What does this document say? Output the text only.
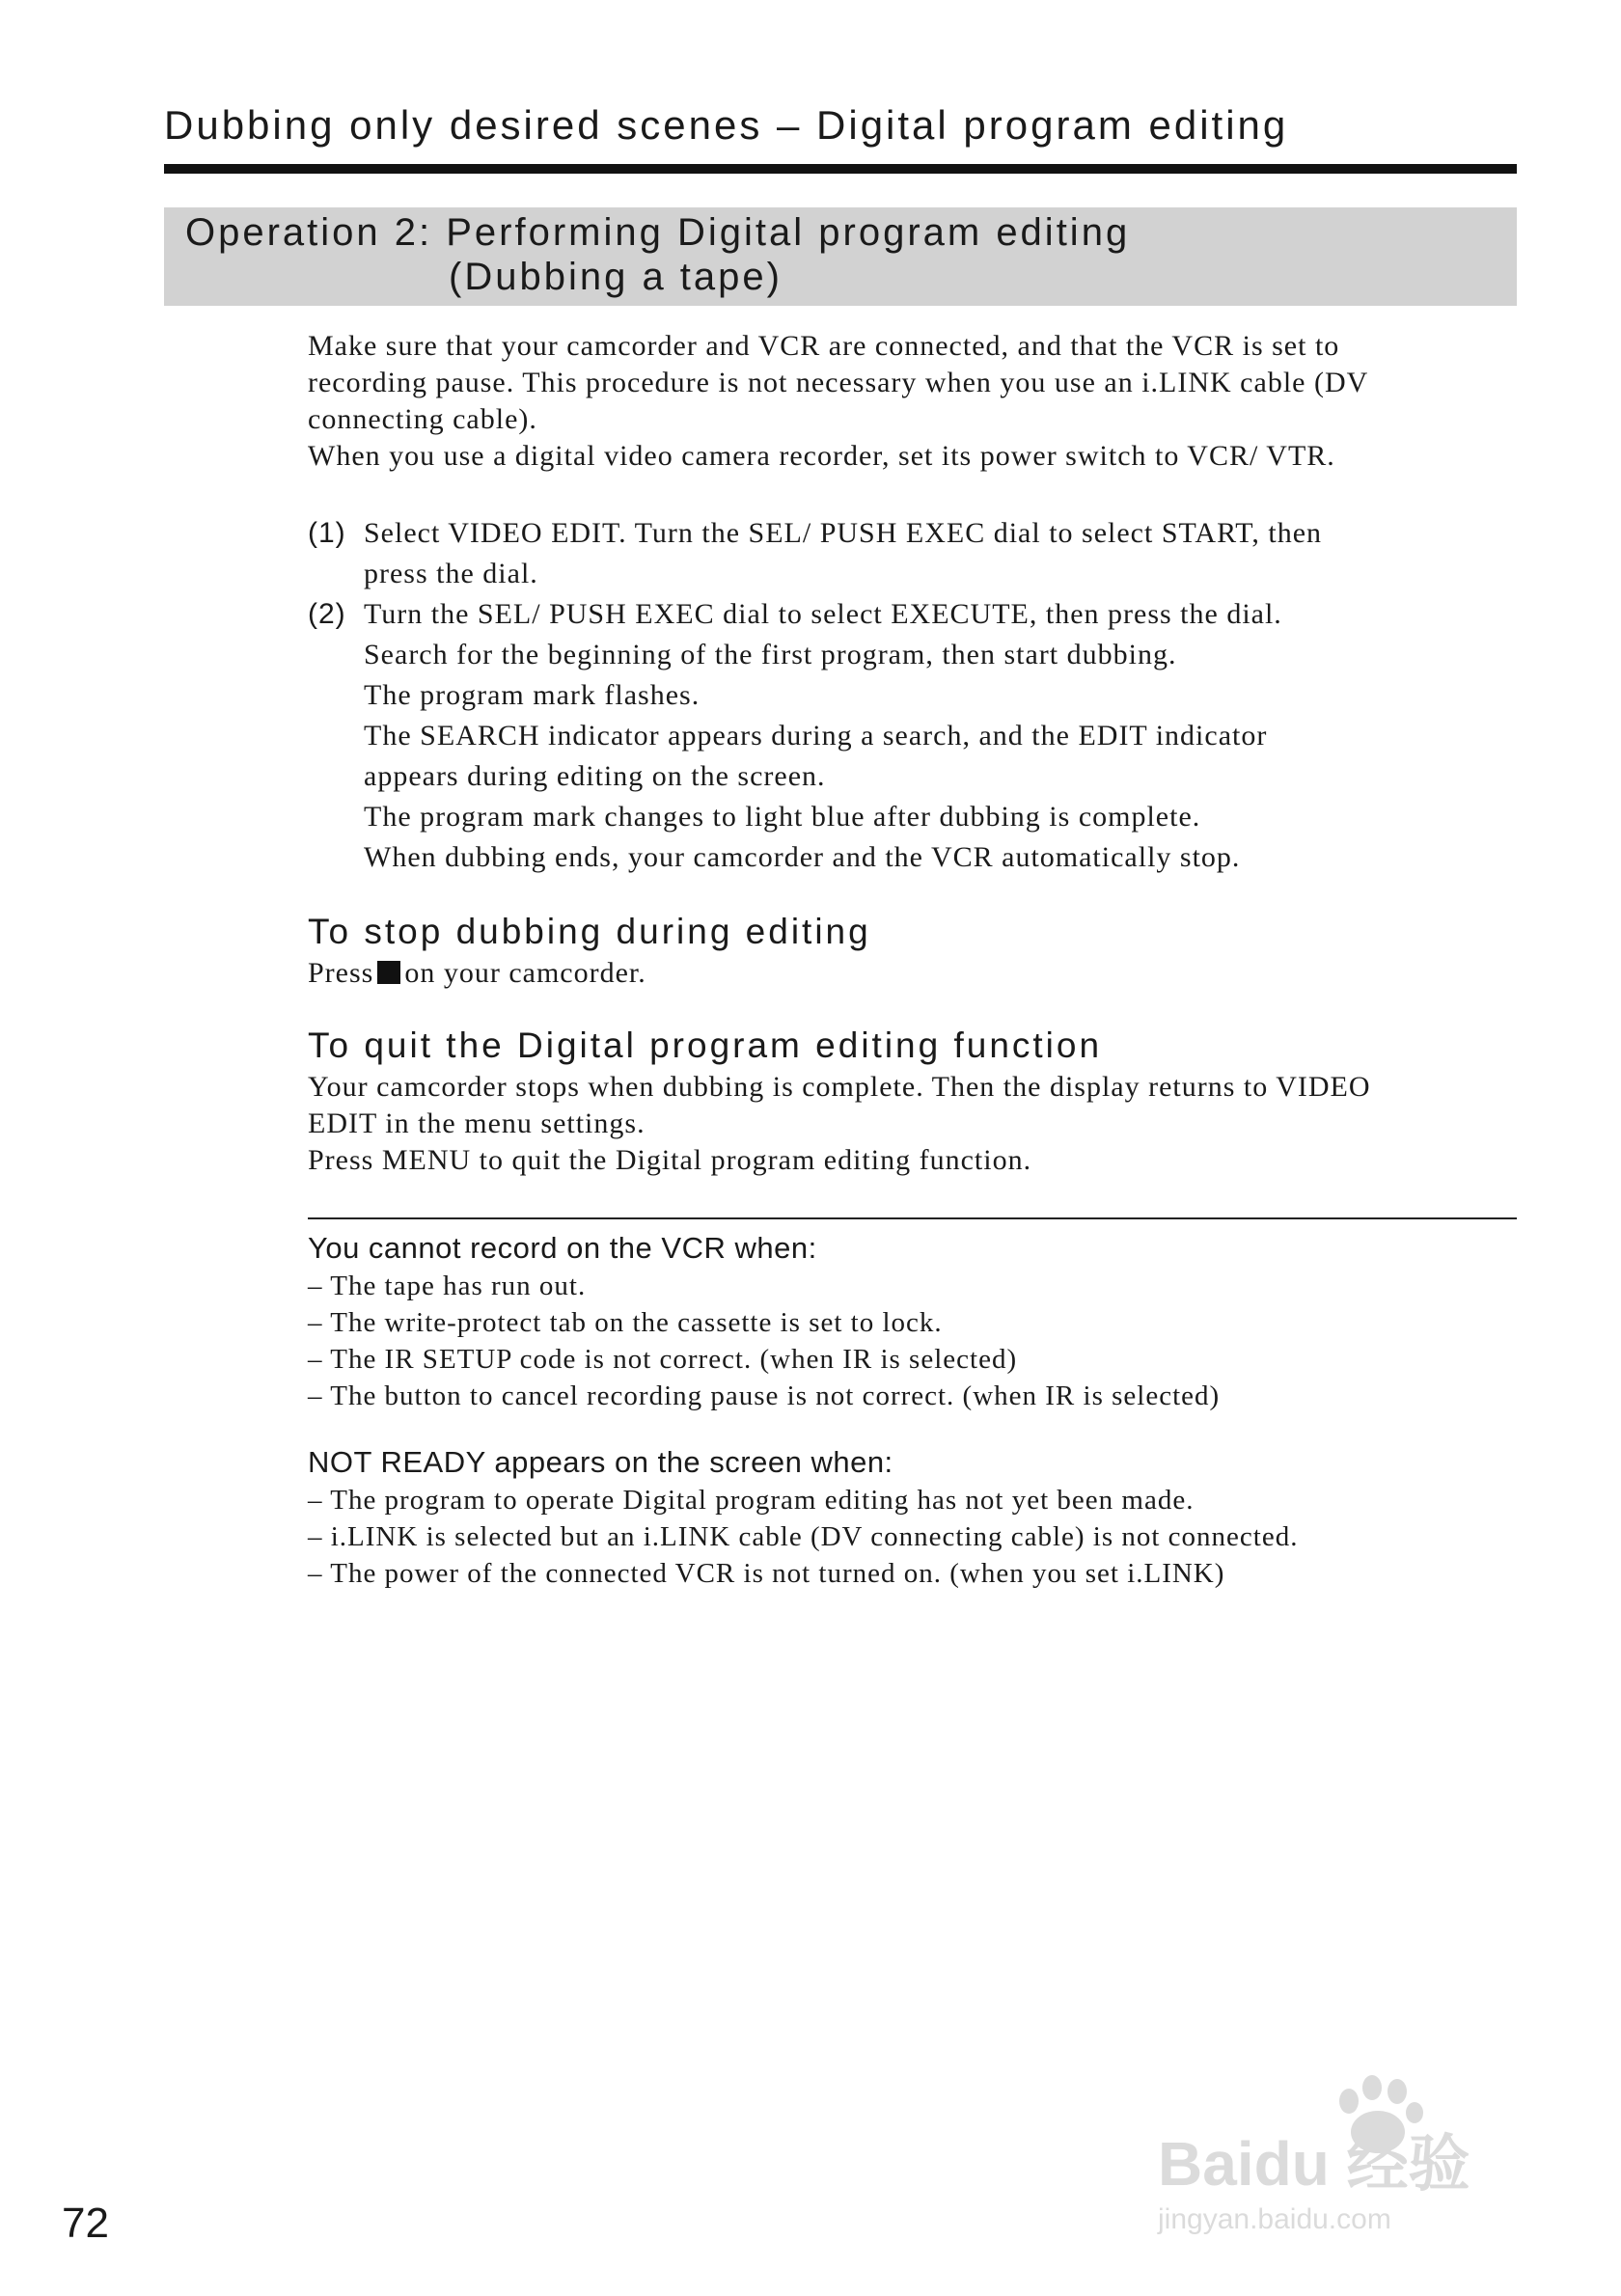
Dubbing only desired scenes – Digital program editing
Operation 2: Performing Digital program editing
(Dubbing a tape)

Make sure that your camcorder and VCR are connected, and that the VCR is set to

recording pause. This procedure is not necessary when you use an i.LINK cable (DV

connecting cable).

When you use a digital video camera recorder, set its power switch to VCR/ VTR.

(1) Select VIDEO EDIT. Turn the SEL/ PUSH EXEC dial to select START, then

press the dial.

(2) Turn the SEL/ PUSH EXEC dial to select EXECUTE, then press the dial.

Search for the beginning of the first program, then start dubbing.

The program mark flashes.

The SEARCH indicator appears during a search, and the EDIT indicator

appears during editing on the screen.

The program mark changes to light blue after dubbing is complete.

When dubbing ends, your camcorder and the VCR automatically stop.

To stop dubbing during editing
Press on your camcorder.
To quit the Digital program editing function

Your camcorder stops when dubbing is complete. Then the display returns to VIDEO

EDIT in the menu settings.

Press MENU to quit the Digital program editing function.

You cannot record on the VCR when:
– The tape has run out.
– The write-protect tab on the cassette is set to lock.
– The IR SETUP code is not correct. (when IR is selected)
– The button to cancel recording pause is not correct. (when IR is selected)
NOT READY appears on the screen when:
– The program to operate Digital program editing has not yet been made.
– i.LINK is selected but an i.LINK cable (DV connecting cable) is not connected.
– The power of the connected VCR is not turned on. (when you set i.LINK)
72
Baidu 经验
jingyan.baidu.com
